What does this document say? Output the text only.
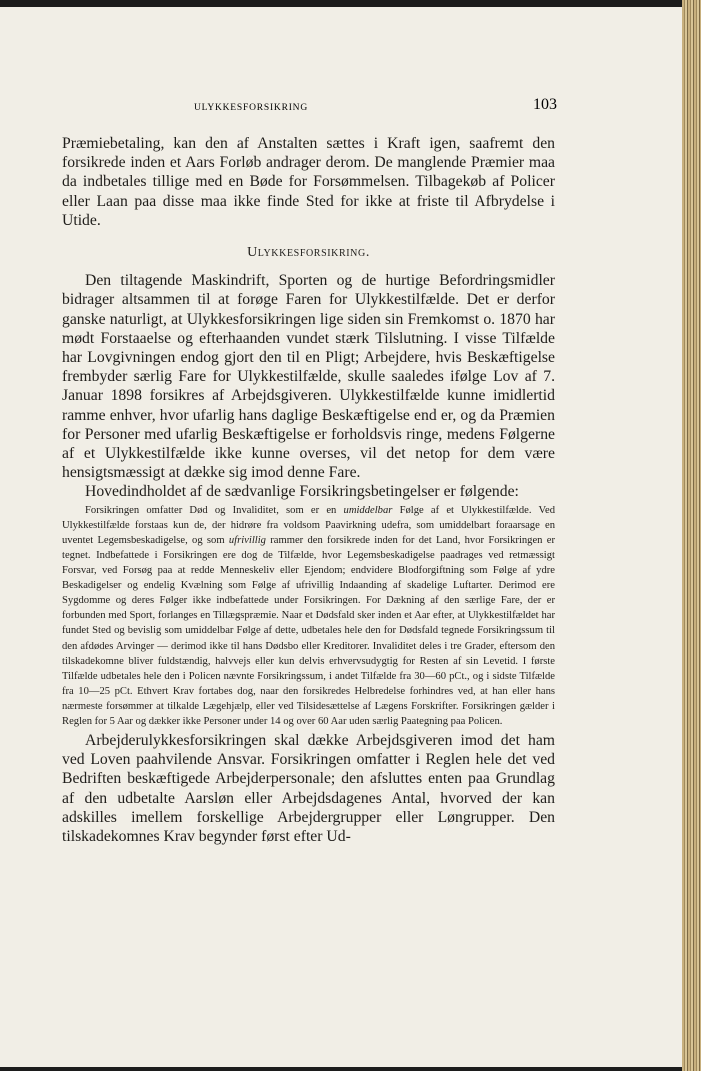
ULYKKESFORSIKRING	103

Præmiebetaling, kan den af Anstalten sættes i Kraft igen, saafremt den forsikrede inden et Aars Forløb andrager derom. De manglende Præmier maa da indbetales tillige med en Bøde for Forsømmelsen. Tilbagekøb af Policer eller Laan paa disse maa ikke finde Sted for ikke at friste til Afbrydelse i Utide.

Ulykkesforsikring.

Den tiltagende Maskindrift, Sporten og de hurtige Befordringsmidler bidrager altsammen til at forøge Faren for Ulykkestilfælde. Det er derfor ganske naturligt, at Ulykkesforsikringen lige siden sin Fremkomst o. 1870 har mødt Forstaaelse og efterhaanden vundet stærk Tilslutning. I visse Tilfælde har Lovgivningen endog gjort den til en Pligt; Arbejdere, hvis Beskæftigelse frembyder særlig Fare for Ulykkestilfælde, skulle saaledes ifølge Lov af 7. Januar 1898 forsikres af Arbejdsgiveren. Ulykkestilfælde kunne imidlertid ramme enhver, hvor ufarlig hans daglige Beskæftigelse end er, og da Præmien for Personer med ufarlig Beskæftigelse er forholdsvis ringe, medens Følgerne af et Ulykkestilfælde ikke kunne overses, vil det netop for dem være hensigtsmæssigt at dække sig imod denne Fare.

Hovedindholdet af de sædvanlige Forsikringsbetingelser er følgende:

Forsikringen omfatter Død og Invaliditet, som er en umiddelbar Følge af et Ulykkestilfælde. Ved Ulykkestilfælde forstaas kun de, der hidrøre fra voldsom Paavirkning udefra, som umiddelbart foraarsage en uventet Legemsbeskadigelse, og som ufrivillig rammer den forsikrede inden for det Land, hvor Forsikringen er tegnet. Indbefattede i Forsikringen ere dog de Tilfælde, hvor Legemsbeskadigelse paadrages ved retmæssigt Forsvar, ved Forsøg paa at redde Menneskeliv eller Ejendom; endvidere Blodforgiftning som Følge af ydre Beskadigelser og endelig Kvælning som Følge af ufrivillig Indaanding af skadelige Luftarter. Derimod ere Sygdomme og deres Følger ikke indbefattede under Forsikringen. For Dækning af den særlige Fare, der er forbunden med Sport, forlanges en Tillægspræmie. Naar et Dødsfald sker inden et Aar efter, at Ulykkestilfældet har fundet Sted og bevislig som umiddelbar Følge af dette, udbetales hele den for Dødsfald tegnede Forsikringssum til den afdødes Arvinger — derimod ikke til hans Dødsbo eller Kreditorer. Invaliditet deles i tre Grader, eftersom den tilskadekomne bliver fuldstændig, halvvejs eller kun delvis erhvervsudygtig for Resten af sin Levetid. I første Tilfælde udbetales hele den i Policen nævnte Forsikringssum, i andet Tilfælde fra 30—60 pCt., og i sidste Tilfælde fra 10—25 pCt. Ethvert Krav fortabes dog, naar den forsikredes Helbredelse forhindres ved, at han eller hans nærmeste forsømmer at tilkalde Lægehjælp, eller ved Tilsidesættelse af Lægens Forskrifter. Forsikringen gælder i Reglen for 5 Aar og dækker ikke Personer under 14 og over 60 Aar uden særlig Paategning paa Policen.

Arbejderulykkesforsikringen skal dække Arbejdsgiveren imod det ham ved Loven paahvilende Ansvar. Forsikringen omfatter i Reglen hele det ved Bedriften beskæftigede Arbejderpersonale; den afsluttes enten paa Grundlag af den udbetalte Aarsløn eller Arbejdsdagenes Antal, hvorved der kan adskilles imellem forskellige Arbejdergrupper eller Løngrupper. Den tilskadekomnes Krav begynder først efter Ud-
